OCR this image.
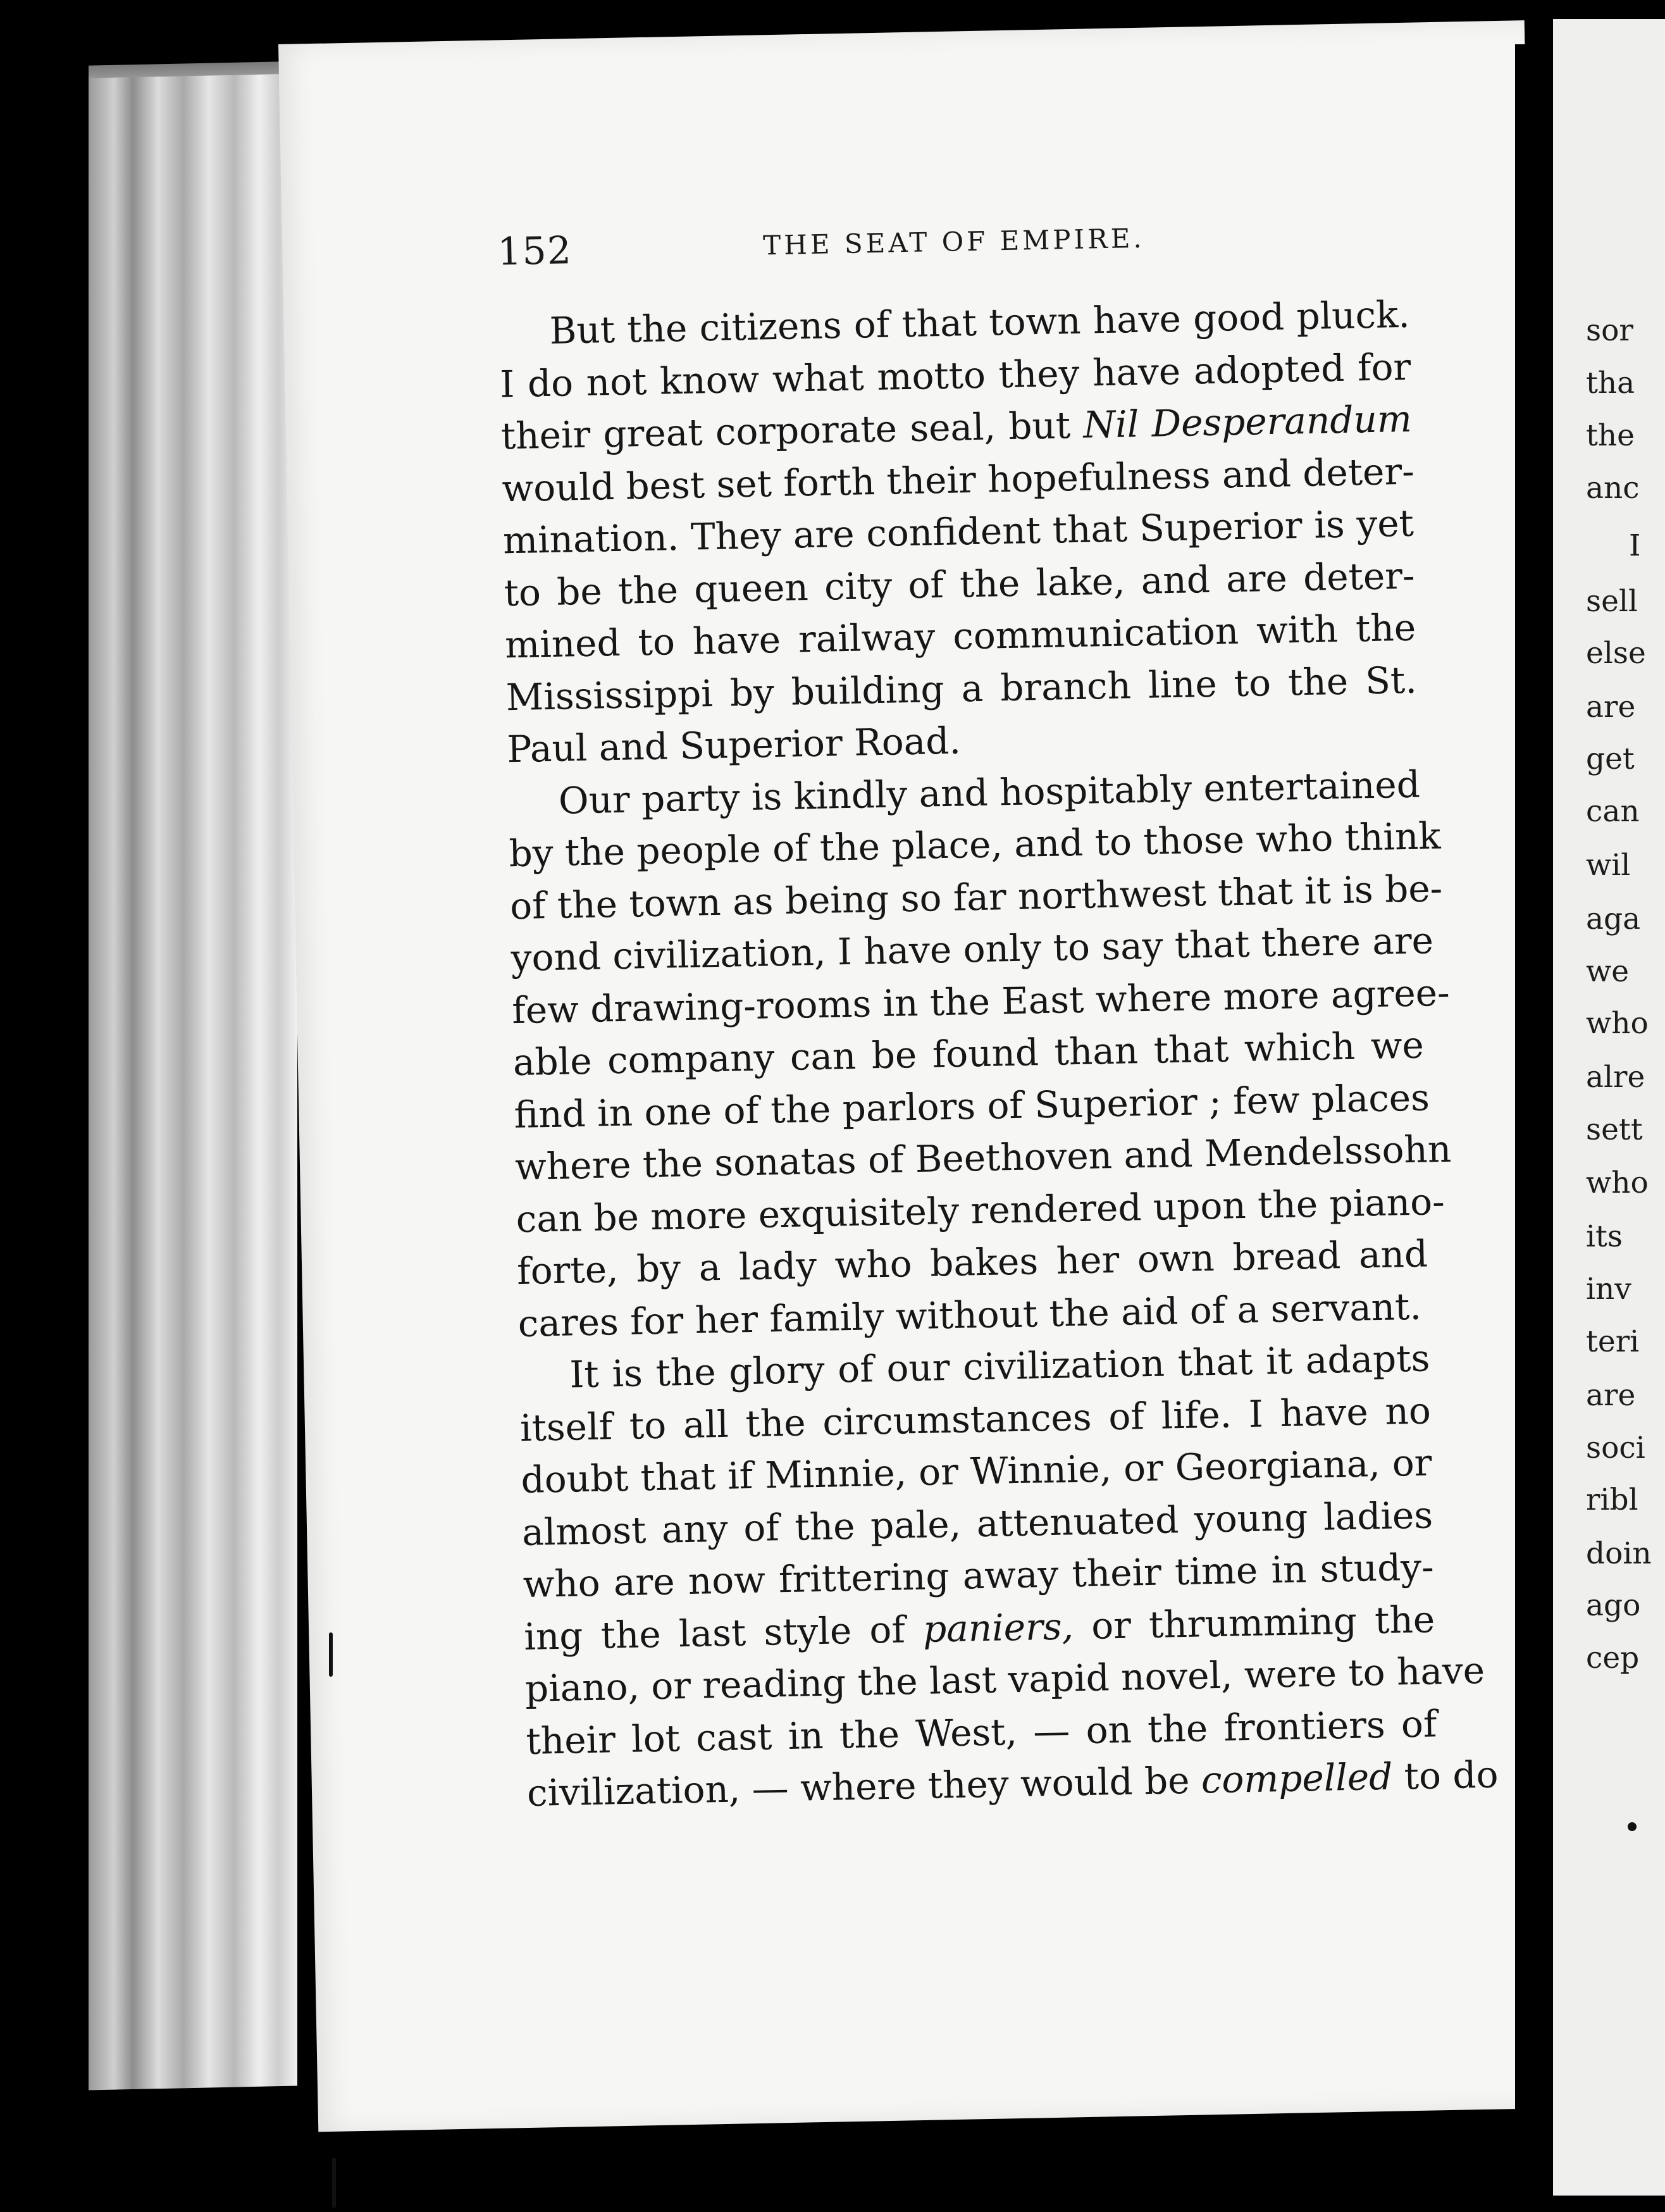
152	THE SEAT OF EMPIRE.
But the citizens of that town have good pluck.
I do not know what motto they have adopted for
their great corporate seal, but Nil Desperandum
would best set forth their hopefulness and deter-
mination. They are confident that Superior is yet
to be the queen city of the lake, and are deter-
mined to have railway communication with the
Mississippi by building a branch line to the St.
Paul and Superior Road.
Our party is kindly and hospitably entertained
by the people of the place, and to those who think
of the town as being so far northwest that it is be-
yond civilization, I have only to say that there are
few drawing-rooms in the East where more agree-
able company can be found than that which we
find in one of the parlors of Superior ; few places
where the sonatas of Beethoven and Mendelssohn
can be more exquisitely rendered upon the piano-
forte, by a lady who bakes her own bread and
cares for her family without the aid of a servant.
It is the glory of our civilization that it adapts
itself to all the circumstances of life. I have no
doubt that if Minnie, or Winnie, or Georgiana, or
almost any of the pale, attenuated young ladies
who are now frittering away their time in study-
ing the last style of paniers, or thrumming the
piano, or reading the last vapid novel, were to have
their lot cast in the West, — on the frontiers of
civilization, — where they would be compelled to do
sor
tha
the
anc
I
sell
else
are
get
can
wil
aga
we
who
alre
sett
who
its
inv
teri
are
soci
ribl
doin
ago
cep
